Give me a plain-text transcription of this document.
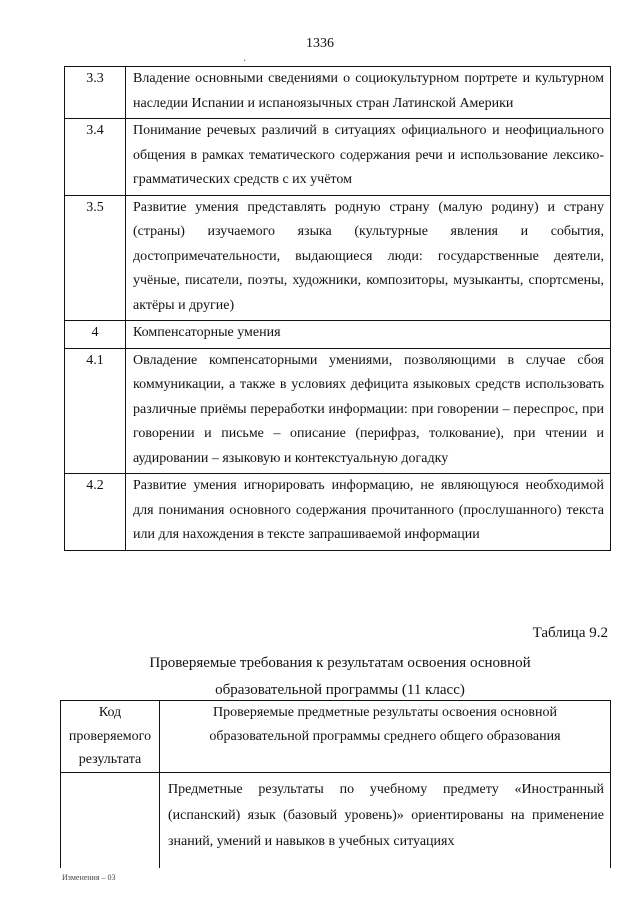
1336
·
3.3	Владение основными сведениями о социокультурном портрете и культурном наследии Испании и испаноязычных стран Латинской Америки
3.4	Понимание речевых различий в ситуациях официального и неофициального общения в рамках тематического содержания речи и использование лексико-грамматических средств с их учётом
3.5	Развитие умения представлять родную страну (малую родину) и страну (страны) изучаемого языка (культурные явления и события, достопримечательности, выдающиеся люди: государственные деятели, учёные, писатели, поэты, художники, композиторы, музыканты, спортсмены, актёры и другие)
4	Компенсаторные умения
4.1	Овладение компенсаторными умениями, позволяющими в случае сбоя коммуникации, а также в условиях дефицита языковых средств использовать различные приёмы переработки информации: при говорении – переспрос, при говорении и письме – описание (перифраз, толкование), при чтении и аудировании – языковую и контекстуальную догадку
4.2	Развитие умения игнорировать информацию, не являющуюся необходимой для понимания основного содержания прочитанного (прослушанного) текста или для нахождения в тексте запрашиваемой информации
Таблица 9.2
Проверяемые требования к результатам освоения основной
образовательной программы (11 класс)
Код проверяемого результата	Проверяемые предметные результаты освоения основной образовательной программы среднего общего образования
	Предметные результаты по учебному предмету «Иностранный (испанский) язык (базовый уровень)» ориентированы на применение знаний, умений и навыков в учебных ситуациях
Изменения – 03
